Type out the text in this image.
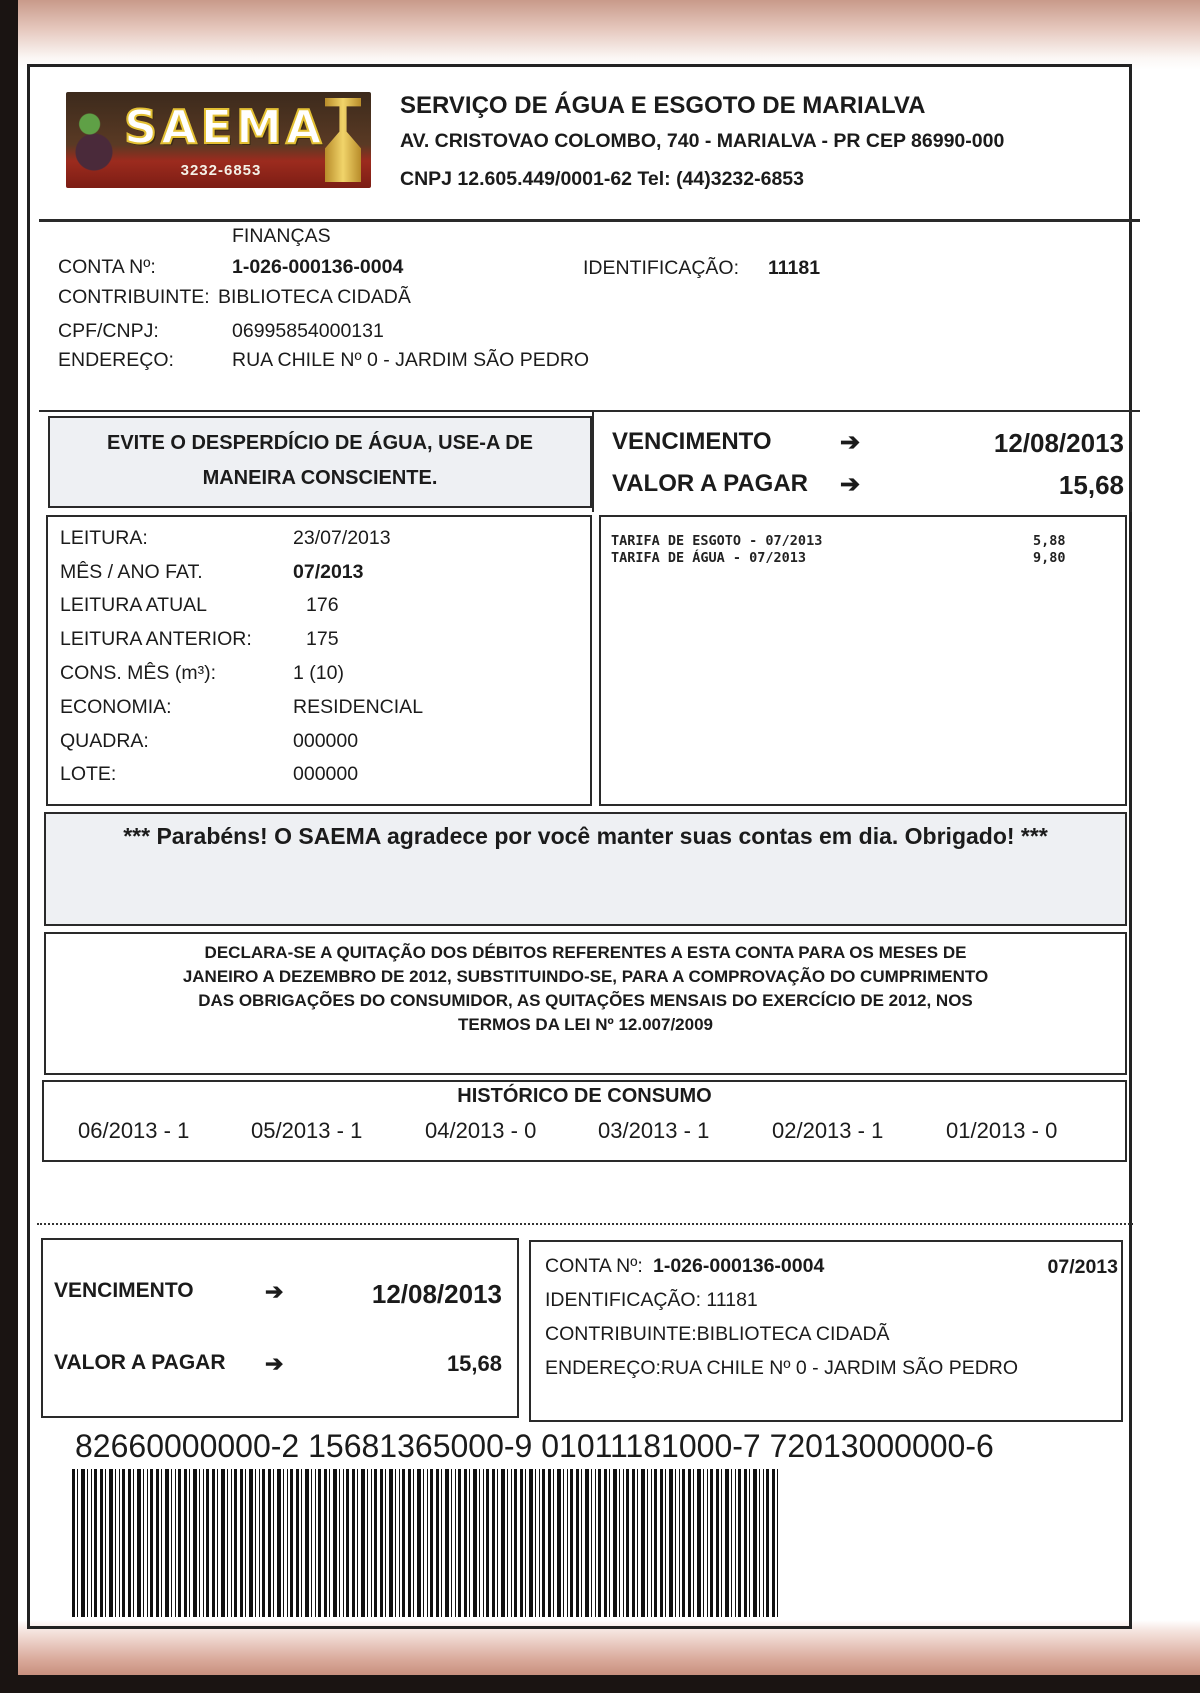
SAEMA
3232-6853
SERVIÇO DE ÁGUA E ESGOTO DE MARIALVA
AV. CRISTOVAO COLOMBO, 740 - MARIALVA - PR CEP 86990-000
CNPJ 12.605.449/0001-62 Tel: (44)3232-6853
FINANÇAS
CONTA Nº:	1-026-000136-0004	IDENTIFICAÇÃO: 11181
CONTRIBUINTE: BIBLIOTECA CIDADÃ
CPF/CNPJ:	06995854000131
ENDEREÇO:	RUA CHILE Nº 0 - JARDIM SÃO PEDRO
EVITE O DESPERDÍCIO DE ÁGUA, USE-A DE
MANEIRA CONSCIENTE.
VENCIMENTO	➔	12/08/2013
VALOR A PAGAR ➔	15,68
LEITURA:	23/07/2013
MÊS / ANO FAT.	07/2013
LEITURA ATUAL	176
LEITURA ANTERIOR:	175
CONS. MÊS (m³):	1 (10)
ECONOMIA:	RESIDENCIAL
QUADRA:	000000
LOTE:	000000
TARIFA DE ESGOTO - 07/2013	5,88
TARIFA DE ÁGUA - 07/2013	9,80
*** Parabéns! O SAEMA agradece por você manter suas contas em dia. Obrigado! ***
DECLARA-SE A QUITAÇÃO DOS DÉBITOS REFERENTES A ESTA CONTA PARA OS MESES DE
JANEIRO A DEZEMBRO DE 2012, SUBSTITUINDO-SE, PARA A COMPROVAÇÃO DO CUMPRIMENTO
DAS OBRIGAÇÕES DO CONSUMIDOR, AS QUITAÇÕES MENSAIS DO EXERCÍCIO DE 2012, NOS
TERMOS DA LEI Nº 12.007/2009
HISTÓRICO DE CONSUMO
06/2013 - 1	05/2013 - 1	04/2013 - 0	03/2013 - 1	02/2013 - 1	01/2013 - 0
VENCIMENTO	➔	12/08/2013
VALOR A PAGAR ➔	15,68
CONTA Nº: 1-026-000136-0004	07/2013
IDENTIFICAÇÃO: 11181
CONTRIBUINTE:BIBLIOTECA CIDADÃ
ENDEREÇO:RUA CHILE Nº 0 - JARDIM SÃO PEDRO
82660000000-2 15681365000-9 01011181000-7 72013000000-6
